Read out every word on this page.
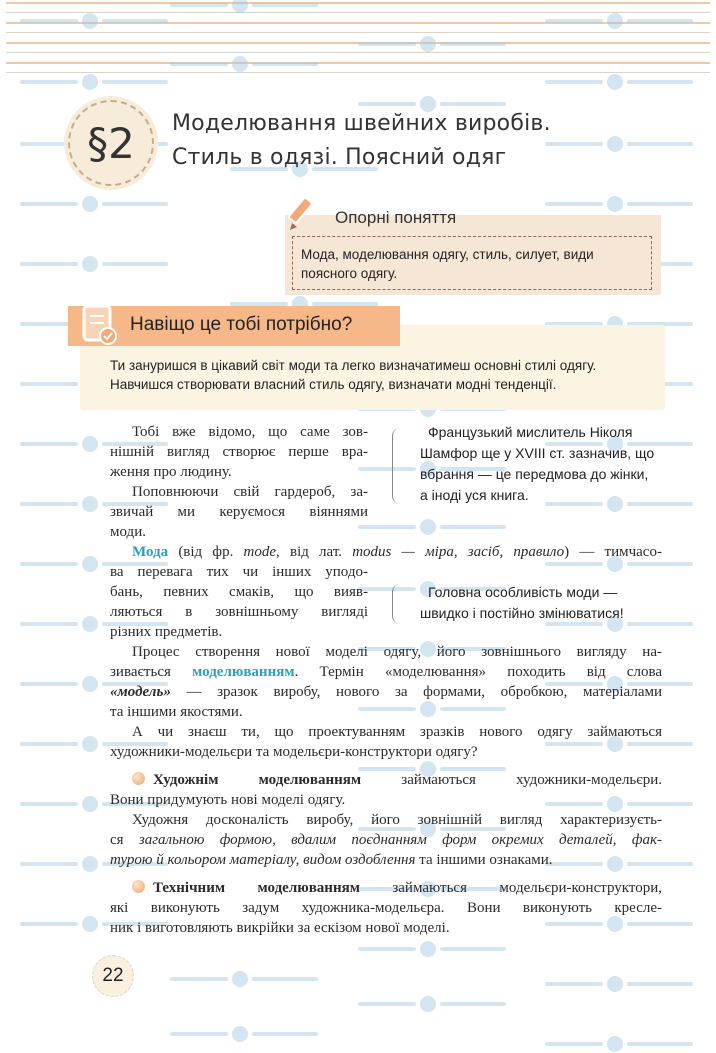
§2 Моделювання швейних виробів.
Стиль в одязі. Поясний одяг
Опорні поняття
Мода, моделювання одягу, стиль, силует, види поясного одягу.
Навіщо це тобі потрібно?
Ти зануришся в цікавий світ моди та легко визначатимеш основні стилі одягу.
Навчишся створювати власний стиль одягу, визначати модні тенденції.
Тобі вже відомо, що саме зов-
нішній вигляд створює перше вра-
ження про людину.
Поповнюючи свій гардероб, за-
звичай ми керуємося віяннями
моди.
Мода (від фр. mode, від лат. modus — міра, засіб, правило) — тимчасо-
ва перевага тих чи інших уподо-
бань, певних смаків, що вияв-
ляються в зовнішньому вигляді
різних предметів.
Процес створення нової моделі одягу, його зовнішнього вигляду на-
зивається моделюванням. Термін «моделювання» походить від слова
«модель» — зразок виробу, нового за формами, обробкою, матеріалами
та іншими якостями.
А чи знаєш ти, що проектуванням зразків нового одягу займаються
художники-модельєри та модельєри-конструктори одягу?
Художнім моделюванням займаються художники-модельєри.
Вони придумують нові моделі одягу.
Художня досконалість виробу, його зовнішній вигляд характеризуєть-
ся загальною формою, вдалим поєднанням форм окремих деталей, фак-
турою й кольором матеріалу, видом оздоблення та іншими ознаками.
Технічним моделюванням займаються модельєри-конструктори,
які виконують задум художника-модельєра. Вони виконують кресле-
ник і виготовляють викрійки за ескізом нової моделі.
Французький мислитель Ніколя
Шамфор ще у XVIII ст. зазначив, що
вбрання — це передмова до жінки,
а іноді уся книга.
Головна особливість моди —
швидко і постійно змінюватися!
22
